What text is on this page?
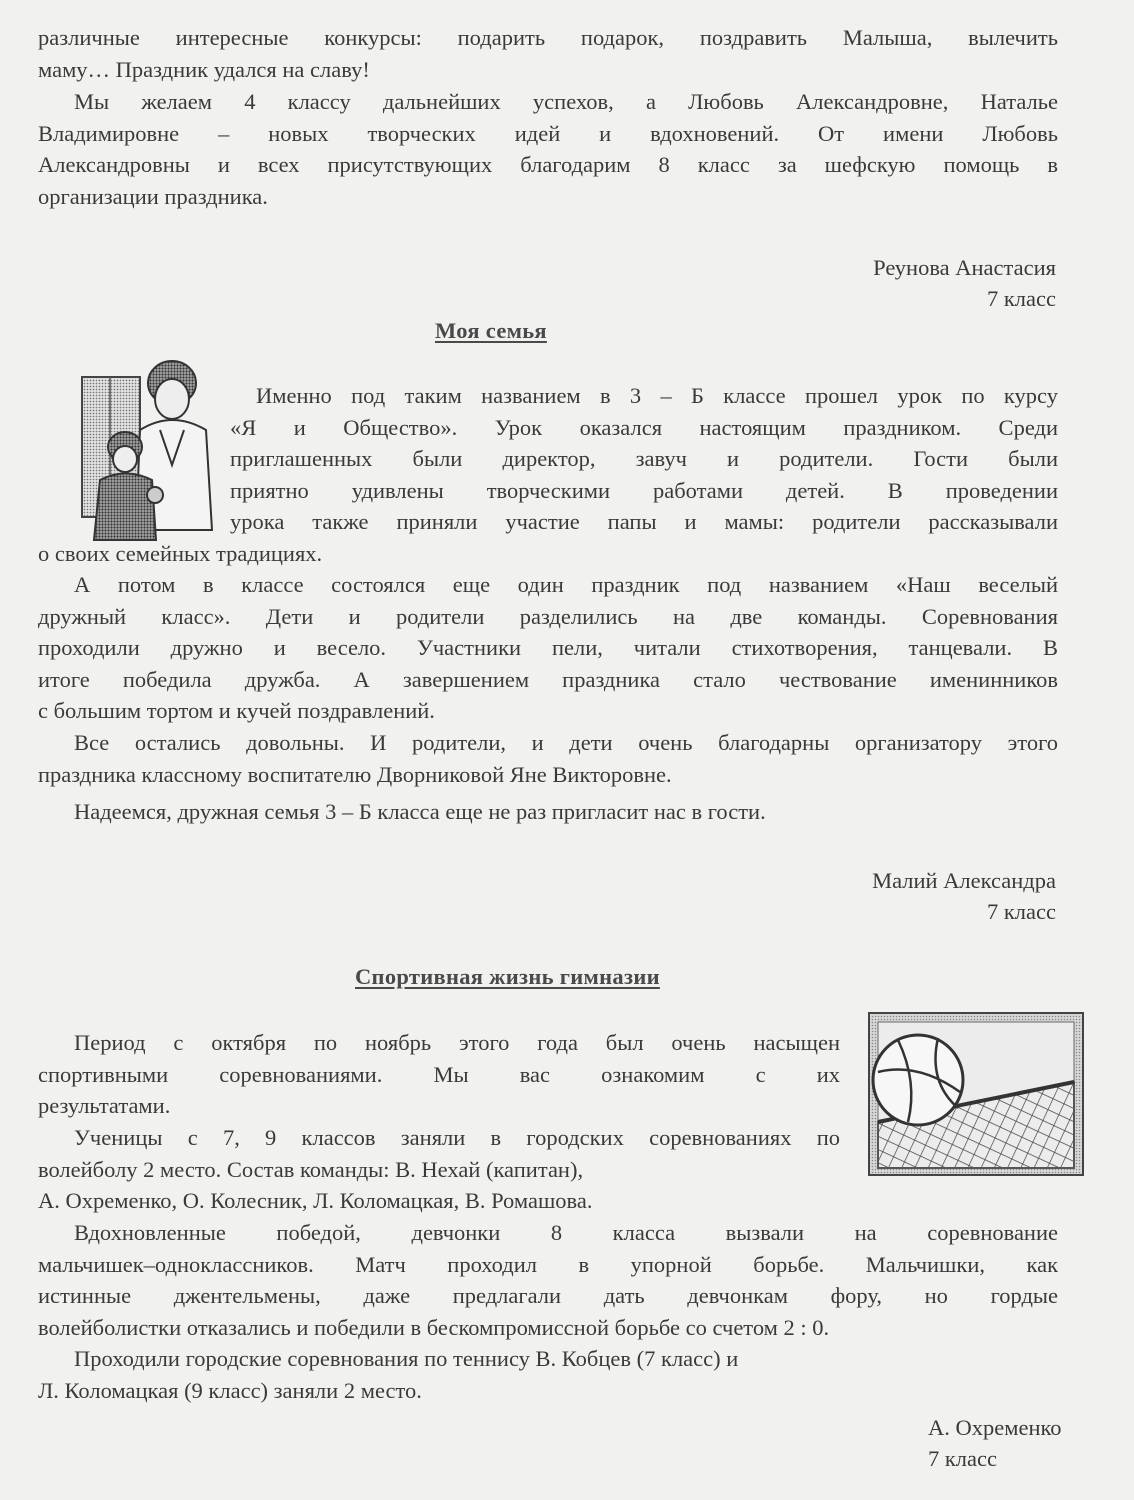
различные интересные конкурсы: подарить подарок, поздравить Малыша, вылечить
маму… Праздник удался на славу!
Мы желаем 4 классу дальнейших успехов, а Любовь Александровне, Наталье
Владимировне – новых творческих идей и вдохновений. От имени Любовь
Александровны и всех присутствующих благодарим 8 класс за шефскую помощь в
организации праздника.
Реунова Анастасия
7 класс
Моя семья
Именно под таким названием в 3 – Б классе прошел урок по курсу
«Я и Общество». Урок оказался настоящим праздником. Среди
приглашенных были директор, завуч и родители. Гости были
приятно удивлены творческими работами детей. В проведении
урока также приняли участие папы и мамы: родители рассказывали
о своих семейных традициях.
А потом в классе состоялся еще один праздник под названием «Наш веселый
дружный класс». Дети и родители разделились на две команды. Соревнования
проходили дружно и весело. Участники пели, читали стихотворения, танцевали. В
итоге победила дружба. А завершением праздника стало чествование именинников
с большим тортом и кучей поздравлений.
Все остались довольны. И родители, и дети очень благодарны организатору этого
праздника классному воспитателю Дворниковой Яне Викторовне.
Надеемся, дружная семья 3 – Б класса еще не раз пригласит нас в гости.
Малий Александра
7 класс
Спортивная жизнь гимназии
Период с октября по ноябрь этого года был очень насыщен
спортивными соревнованиями. Мы вас ознакомим с их
результатами.
Ученицы с 7, 9 классов заняли в городских соревнованиях по
волейболу 2 место. Состав команды: В. Нехай (капитан),
А. Охременко, О. Колесник, Л. Коломацкая, В. Ромашова.
Вдохновленные победой, девчонки 8 класса вызвали на соревнование
мальчишек–одноклассников. Матч проходил в упорной борьбе. Мальчишки, как
истинные джентельмены, даже предлагали дать девчонкам фору, но гордые
волейболистки отказались и победили в бескомпромиссной борьбе со счетом 2 : 0.
Проходили городские соревнования по теннису В. Кобцев (7 класс) и
Л. Коломацкая (9 класс) заняли 2 место.
А. Охременко
7 класс
